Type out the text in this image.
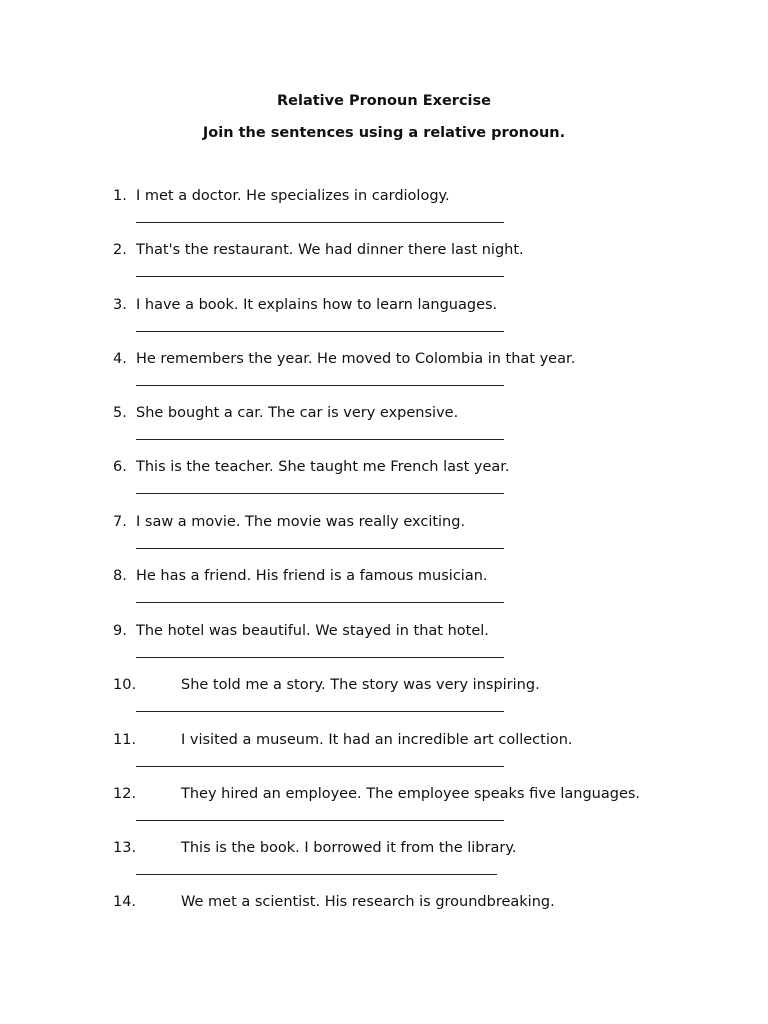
Relative Pronoun Exercise
Join the sentences using a relative pronoun.
1. I met a doctor. He specializes in cardiology.
2. That's the restaurant. We had dinner there last night.
3. I have a book. It explains how to learn languages.
4. He remembers the year. He moved to Colombia in that year.
5. She bought a car. The car is very expensive.
6. This is the teacher. She taught me French last year.
7. I saw a movie. The movie was really exciting.
8. He has a friend. His friend is a famous musician.
9. The hotel was beautiful. We stayed in that hotel.
10.	She told me a story. The story was very inspiring.
11.	I visited a museum. It had an incredible art collection.
12.	They hired an employee. The employee speaks five languages.
13.	This is the book. I borrowed it from the library.
14.	We met a scientist. His research is groundbreaking.
